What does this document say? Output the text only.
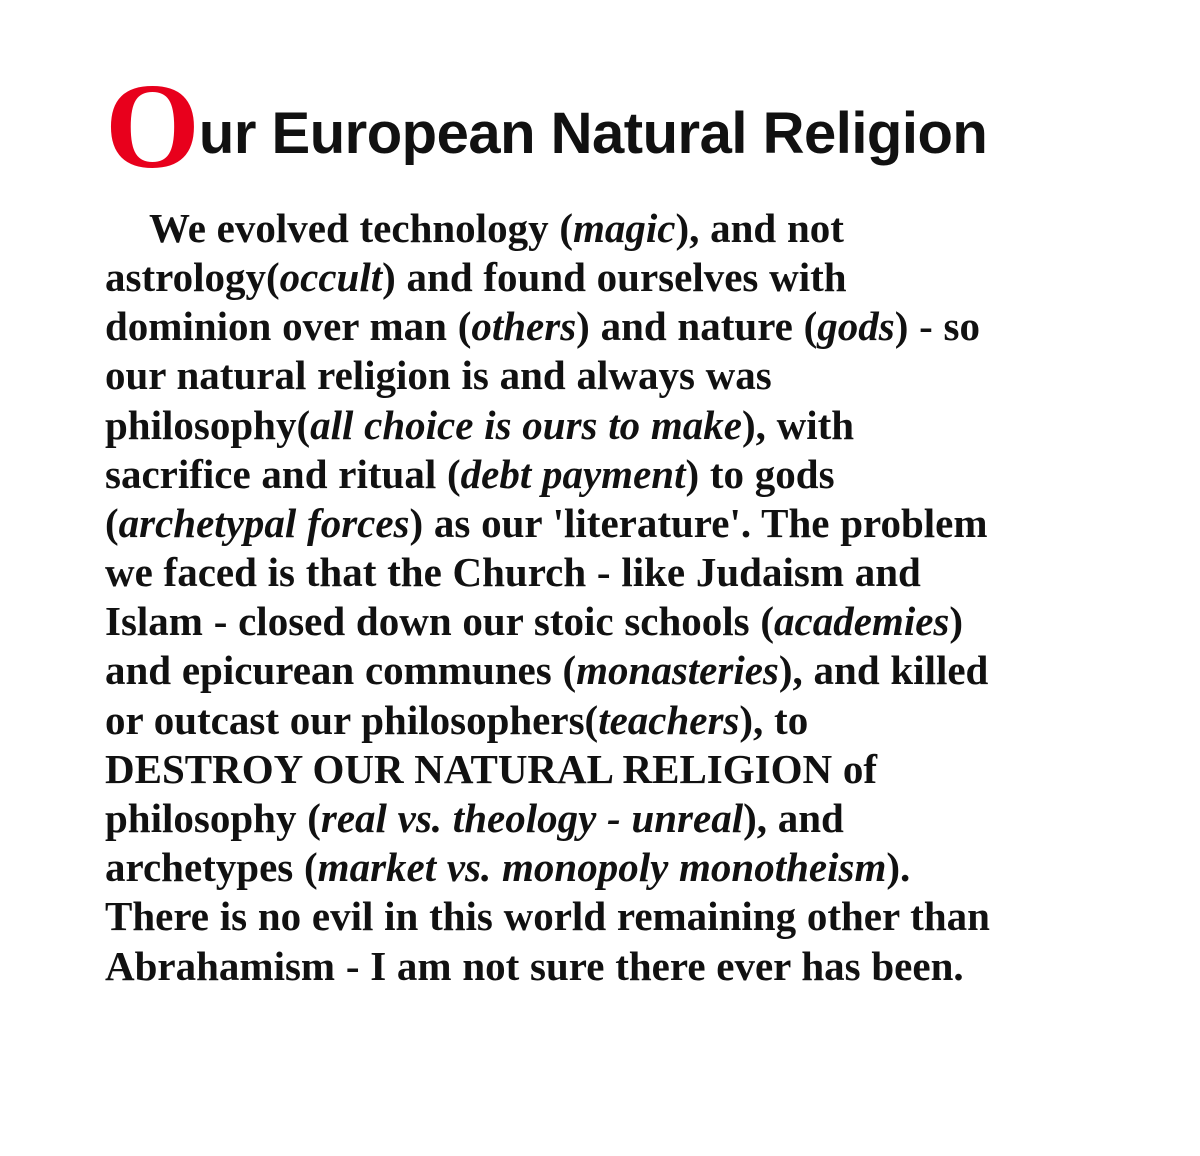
Our European Natural Religion

We evolved technology (magic), and not astrology(occult) and found ourselves with dominion over man (others) and nature (gods) - so our natural religion is and always was philosophy(all choice is ours to make), with sacrifice and ritual (debt payment) to gods (archetypal forces) as our 'literature'. The problem we faced is that the Church - like Judaism and Islam - closed down our stoic schools (academies) and epicurean communes (monasteries), and killed or outcast our philosophers(teachers), to DESTROY OUR NATURAL RELIGION of philosophy (real vs. theology - unreal), and archetypes (market vs. monopoly monotheism). There is no evil in this world remaining other than Abrahamism - I am not sure there ever has been.
